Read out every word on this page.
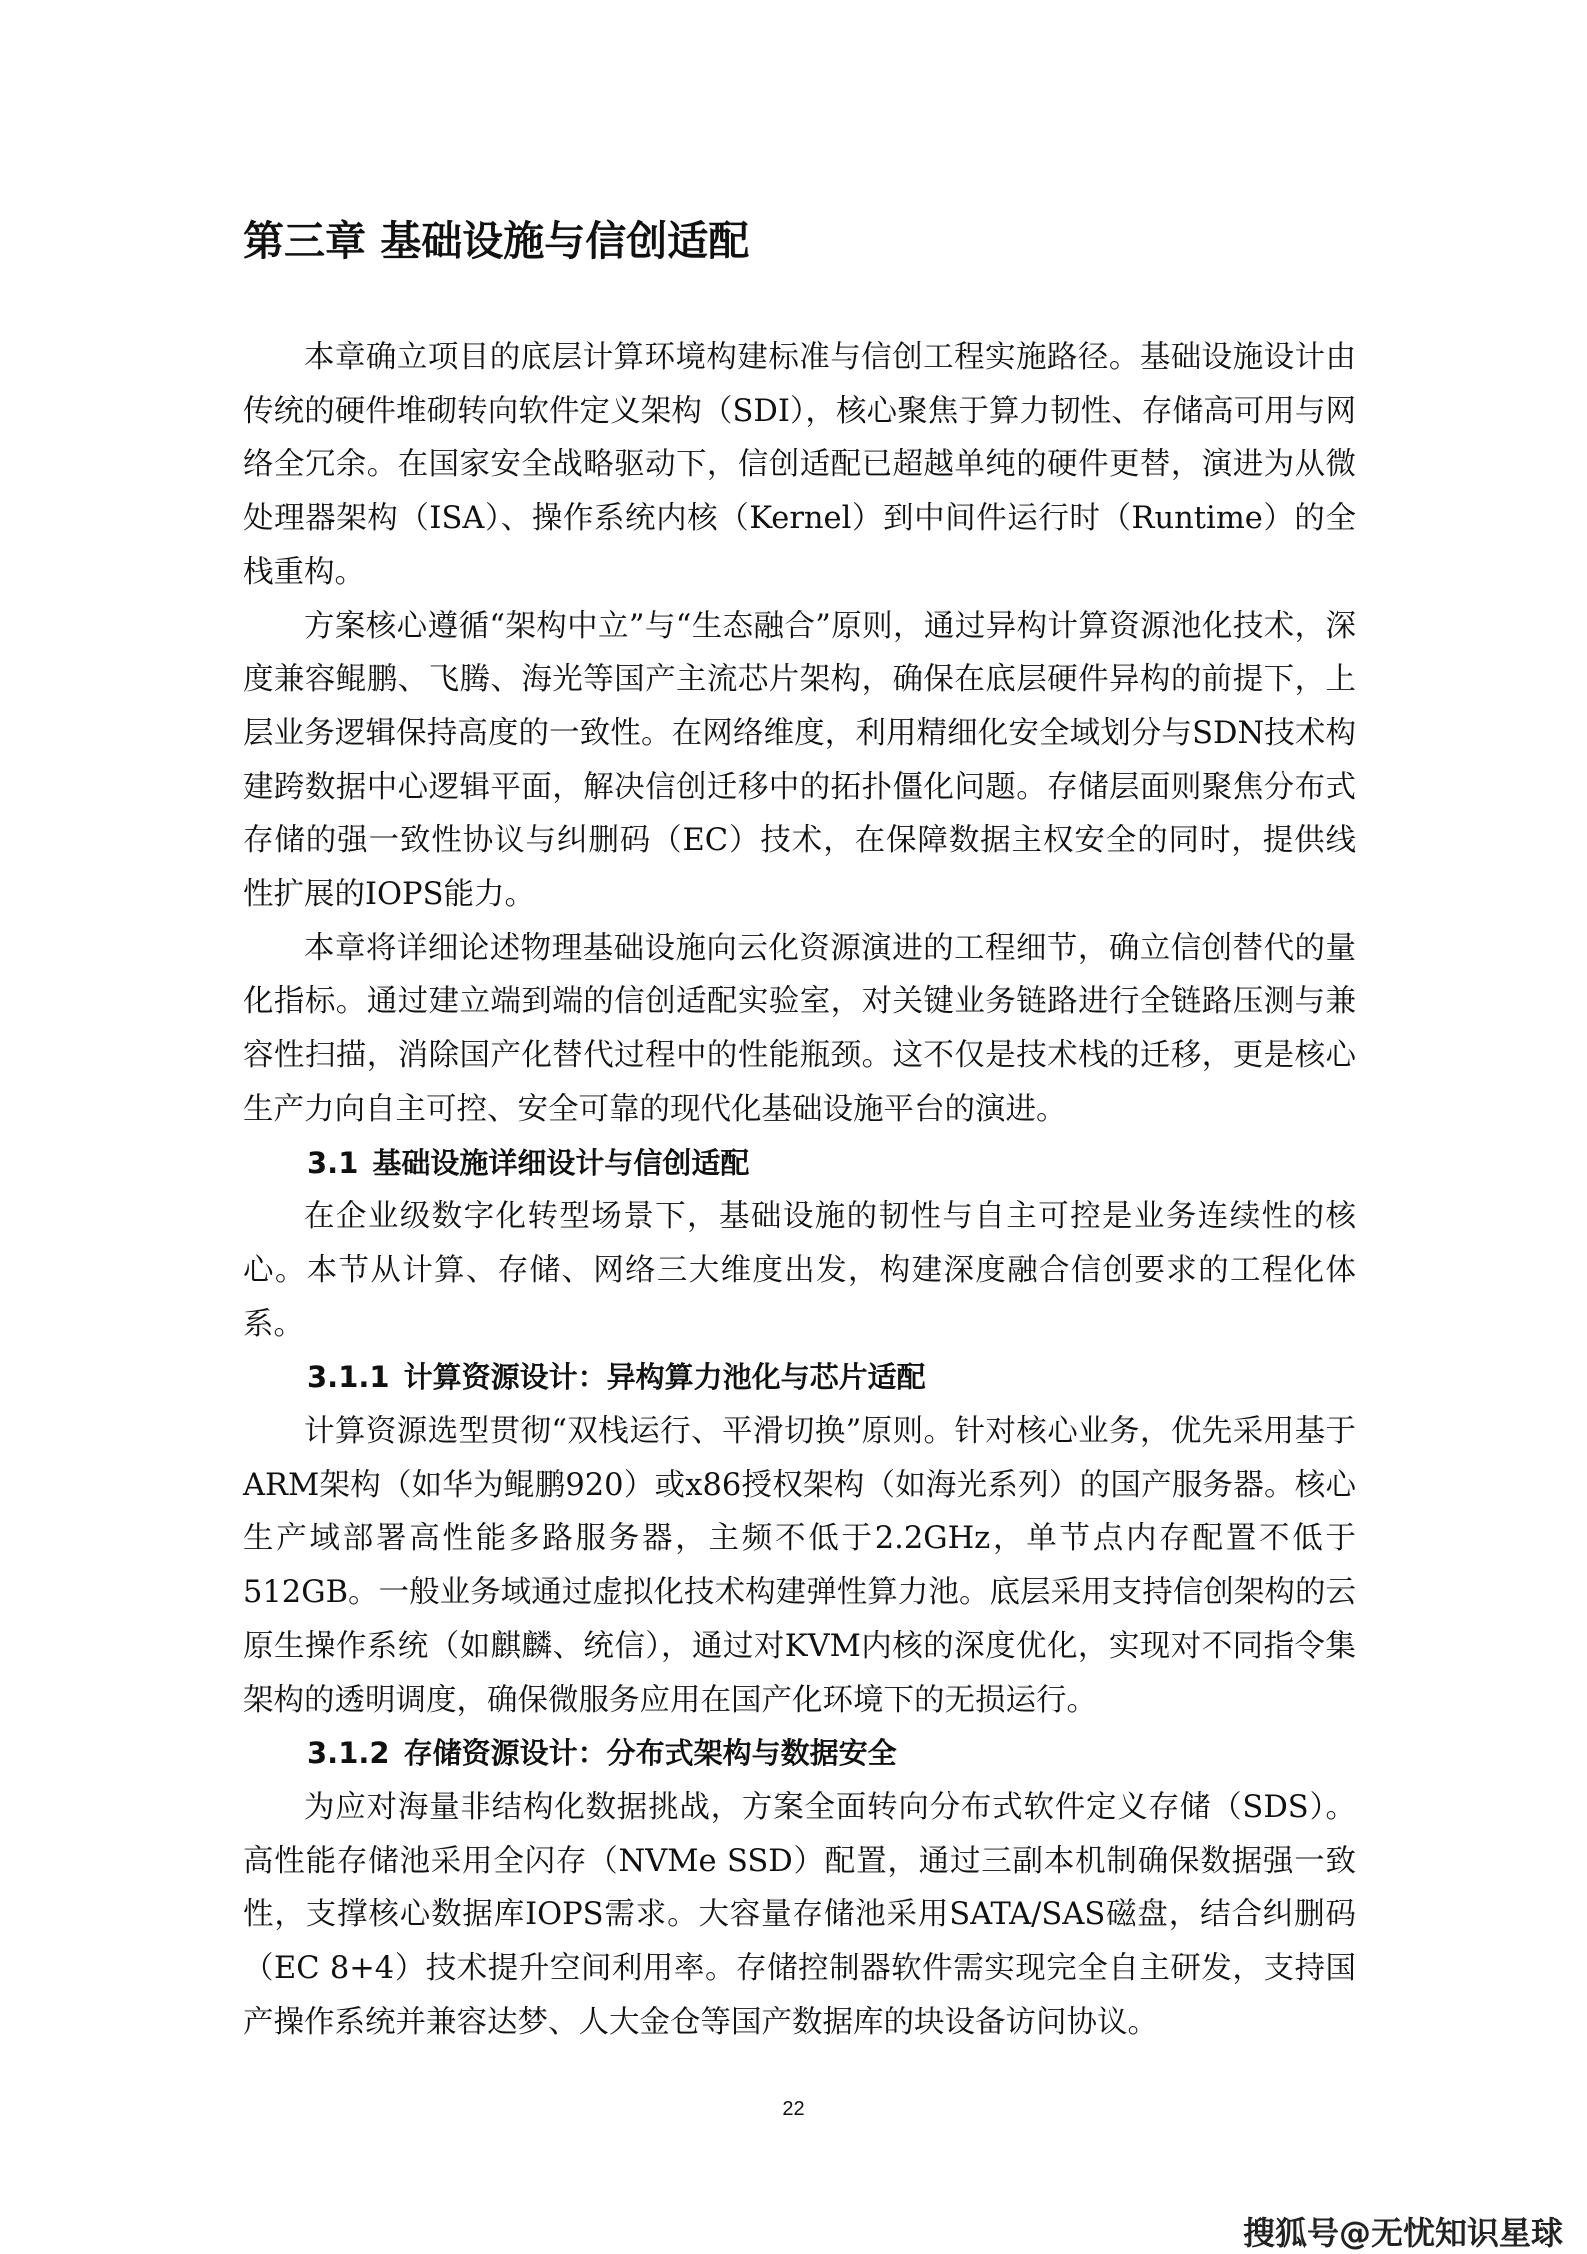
第三章 基础设施与信创适配

本章确立项目的底层计算环境构建标准与信创工程实施路径。基础设施设计由传统的硬件堆砌转向软件定义架构（SDI），核心聚焦于算力韧性、存储高可用与网络全冗余。在国家安全战略驱动下，信创适配已超越单纯的硬件更替，演进为从微处理器架构（ISA）、操作系统内核（Kernel）到中间件运行时（Runtime）的全栈重构。

方案核心遵循“架构中立”与“生态融合”原则，通过异构计算资源池化技术，深度兼容鲲鹏、飞腾、海光等国产主流芯片架构，确保在底层硬件异构的前提下，上层业务逻辑保持高度的一致性。在网络维度，利用精细化安全域划分与SDN技术构建跨数据中心逻辑平面，解决信创迁移中的拓扑僵化问题。存储层面则聚焦分布式存储的强一致性协议与纠删码（EC）技术，在保障数据主权安全的同时，提供线性扩展的IOPS能力。

本章将详细论述物理基础设施向云化资源演进的工程细节，确立信创替代的量化指标。通过建立端到端的信创适配实验室，对关键业务链路进行全链路压测与兼容性扫描，消除国产化替代过程中的性能瓶颈。这不仅是技术栈的迁移，更是核心生产力向自主可控、安全可靠的现代化基础设施平台的演进。

3.1 基础设施详细设计与信创适配

在企业级数字化转型场景下，基础设施的韧性与自主可控是业务连续性的核心。本节从计算、存储、网络三大维度出发，构建深度融合信创要求的工程化体系。

3.1.1 计算资源设计：异构算力池化与芯片适配

计算资源选型贯彻“双栈运行、平滑切换”原则。针对核心业务，优先采用基于ARM架构（如华为鲲鹏920）或x86授权架构（如海光系列）的国产服务器。核心生产域部署高性能多路服务器，主频不低于2.2GHz，单节点内存配置不低于512GB。一般业务域通过虚拟化技术构建弹性算力池。底层采用支持信创架构的云原生操作系统（如麒麟、统信），通过对KVM内核的深度优化，实现对不同指令集架构的透明调度，确保微服务应用在国产化环境下的无损运行。

3.1.2 存储资源设计：分布式架构与数据安全

为应对海量非结构化数据挑战，方案全面转向分布式软件定义存储（SDS）。高性能存储池采用全闪存（NVMe SSD）配置，通过三副本机制确保数据强一致性，支撑核心数据库IOPS需求。大容量存储池采用SATA/SAS磁盘，结合纠删码（EC 8+4）技术提升空间利用率。存储控制器软件需实现完全自主研发，支持国产操作系统并兼容达梦、人大金仓等国产数据库的块设备访问协议。

22
搜狐号@无忧知识星球
